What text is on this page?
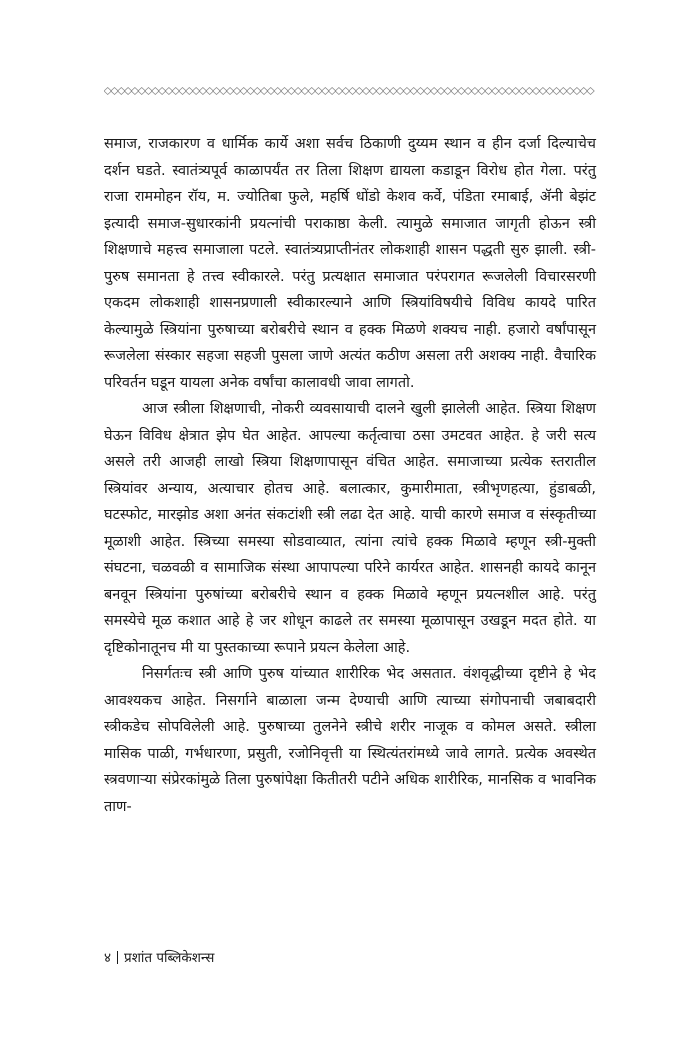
समाज, राजकारण व धार्मिक कार्ये अशा सर्वच ठिकाणी दुय्यम स्थान व हीन दर्जा दिल्याचेच दर्शन घडते. स्वातंत्र्यपूर्व काळापर्यंत तर तिला शिक्षण द्यायला कडाडून विरोध होत गेला. परंतु राजा राममोहन रॉय, म. ज्योतिबा फुले, महर्षि धोंडो केशव कर्वे, पंडिता रमाबाई, ॲनी बेझंट इत्यादी समाज-सुधारकांनी प्रयत्नांची पराकाष्ठा केली. त्यामुळे समाजात जागृती होऊन स्त्री शिक्षणाचे महत्त्व समाजाला पटले. स्वातंत्र्यप्राप्तीनंतर लोकशाही शासन पद्धती सुरु झाली. स्त्री-पुरुष समानता हे तत्त्व स्वीकारले. परंतु प्रत्यक्षात समाजात परंपरागत रूजलेली विचारसरणी एकदम लोकशाही शासनप्रणाली स्वीकारल्याने आणि स्त्रियांविषयीचे विविध कायदे पारित केल्यामुळे स्त्रियांना पुरुषाच्या बरोबरीचे स्थान व हक्क मिळणे शक्यच नाही. हजारो वर्षांपासून रूजलेला संस्कार सहजा सहजी पुसला जाणे अत्यंत कठीण असला तरी अशक्य नाही. वैचारिक परिवर्तन घडून यायला अनेक वर्षांचा कालावधी जावा लागतो.

आज स्त्रीला शिक्षणाची, नोकरी व्यवसायाची दालने खुली झालेली आहेत. स्त्रिया शिक्षण घेऊन विविध क्षेत्रात झेप घेत आहेत. आपल्या कर्तृत्वाचा ठसा उमटवत आहेत. हे जरी सत्य असले तरी आजही लाखो स्त्रिया शिक्षणापासून वंचित आहेत. समाजाच्या प्रत्येक स्तरातील स्त्रियांवर अन्याय, अत्याचार होतच आहे. बलात्कार, कुमारीमाता, स्त्रीभृणहत्या, हुंडाबळी, घटस्फोट, मारझोड अशा अनंत संकटांशी स्त्री लढा देत आहे. याची कारणे समाज व संस्कृतीच्या मूळाशी आहेत. स्त्रिच्या समस्या सोडवाव्यात, त्यांना त्यांचे हक्क मिळावे म्हणून स्त्री-मुक्ती संघटना, चळवळी व सामाजिक संस्था आपापल्या परिने कार्यरत आहेत. शासनही कायदे कानून बनवून स्त्रियांना पुरुषांच्या बरोबरीचे स्थान व हक्क मिळावे म्हणून प्रयत्नशील आहे. परंतु समस्येचे मूळ कशात आहे हे जर शोधून काढले तर समस्या मूळापासून उखडून मदत होते. या दृष्टिकोनातूनच मी या पुस्तकाच्या रूपाने प्रयत्न केलेला आहे.

निसर्गतःच स्त्री आणि पुरुष यांच्यात शारीरिक भेद असतात. वंशवृद्धीच्या दृष्टीने हे भेद आवश्यकच आहेत. निसर्गाने बाळाला जन्म देण्याची आणि त्याच्या संगोपनाची जबाबदारी स्त्रीकडेच सोपविलेली आहे. पुरुषाच्या तुलनेने स्त्रीचे शरीर नाजूक व कोमल असते. स्त्रीला मासिक पाळी, गर्भधारणा, प्रसुती, रजोनिवृत्ती या स्थित्यंतरांमध्ये जावे लागते. प्रत्येक अवस्थेत स्त्रवणाऱ्या संप्रेरकांमुळे तिला पुरुषांपेक्षा कितीतरी पटीने अधिक शारीरिक, मानसिक व भावनिक ताण-

४ प्रशांत पब्लिकेशन्स
